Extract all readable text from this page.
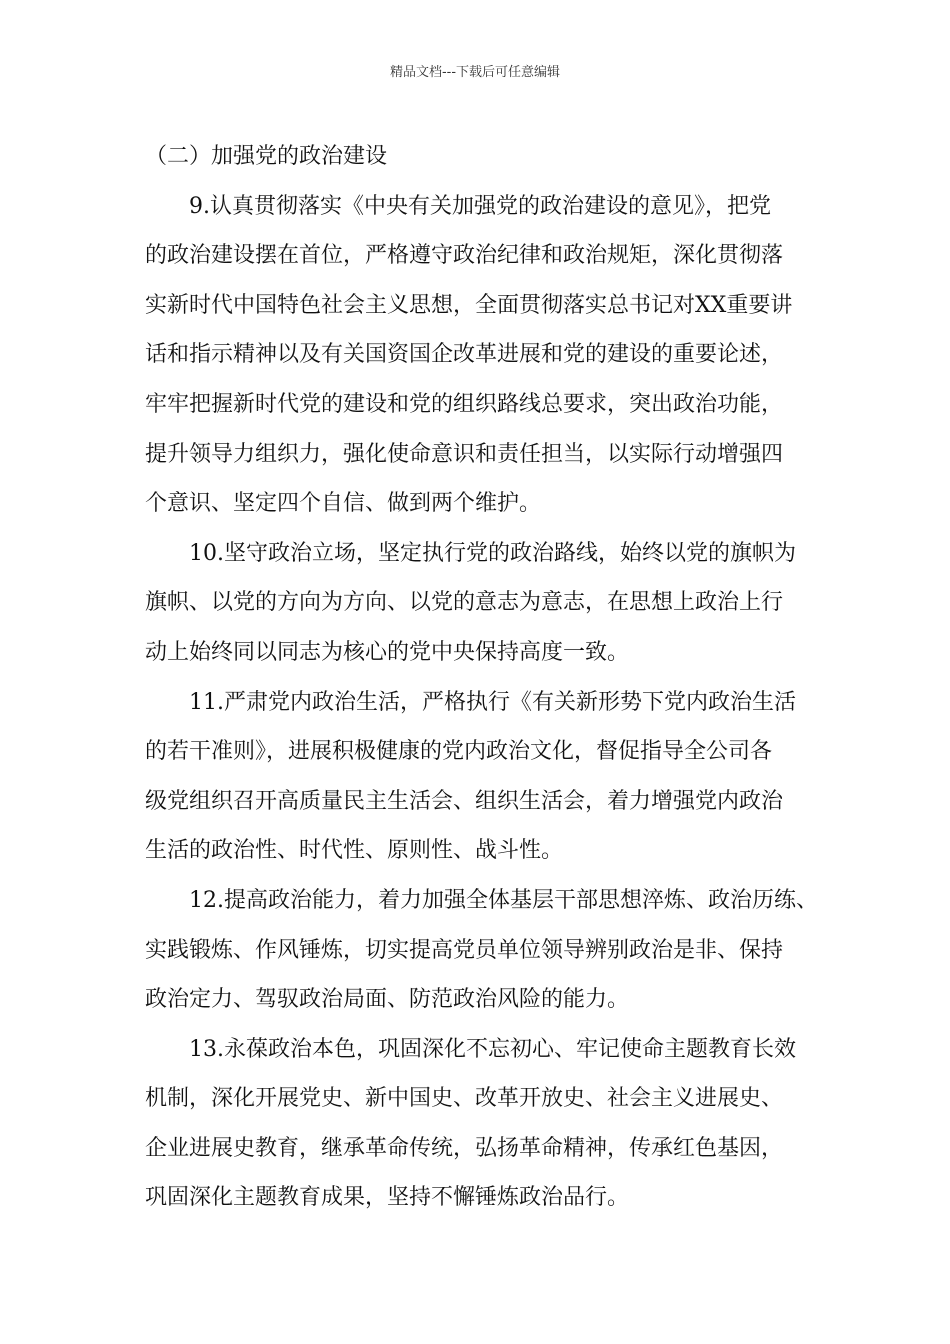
精品文档---下载后可任意编辑

（二）加强党的政治建设

9.认真贯彻落实《中央有关加强党的政治建设的意见》，把党
的政治建设摆在首位，严格遵守政治纪律和政治规矩，深化贯彻落
实新时代中国特色社会主义思想，全面贯彻落实总书记对XX重要讲
话和指示精神以及有关国资国企改革进展和党的建设的重要论述，
牢牢把握新时代党的建设和党的组织路线总要求，突出政治功能，
提升领导力组织力，强化使命意识和责任担当，以实际行动增强四
个意识、坚定四个自信、做到两个维护。

10.坚守政治立场，坚定执行党的政治路线，始终以党的旗帜为
旗帜、以党的方向为方向、以党的意志为意志，在思想上政治上行
动上始终同以同志为核心的党中央保持高度一致。

11.严肃党内政治生活，严格执行《有关新形势下党内政治生活
的若干准则》，进展积极健康的党内政治文化，督促指导全公司各
级党组织召开高质量民主生活会、组织生活会，着力增强党内政治
生活的政治性、时代性、原则性、战斗性。

12.提高政治能力，着力加强全体基层干部思想淬炼、政治历练、
实践锻炼、作风锤炼，切实提高党员单位领导辨别政治是非、保持
政治定力、驾驭政治局面、防范政治风险的能力。

13.永葆政治本色，巩固深化不忘初心、牢记使命主题教育长效
机制，深化开展党史、新中国史、改革开放史、社会主义进展史、
企业进展史教育，继承革命传统，弘扬革命精神，传承红色基因，
巩固深化主题教育成果，坚持不懈锤炼政治品行。
